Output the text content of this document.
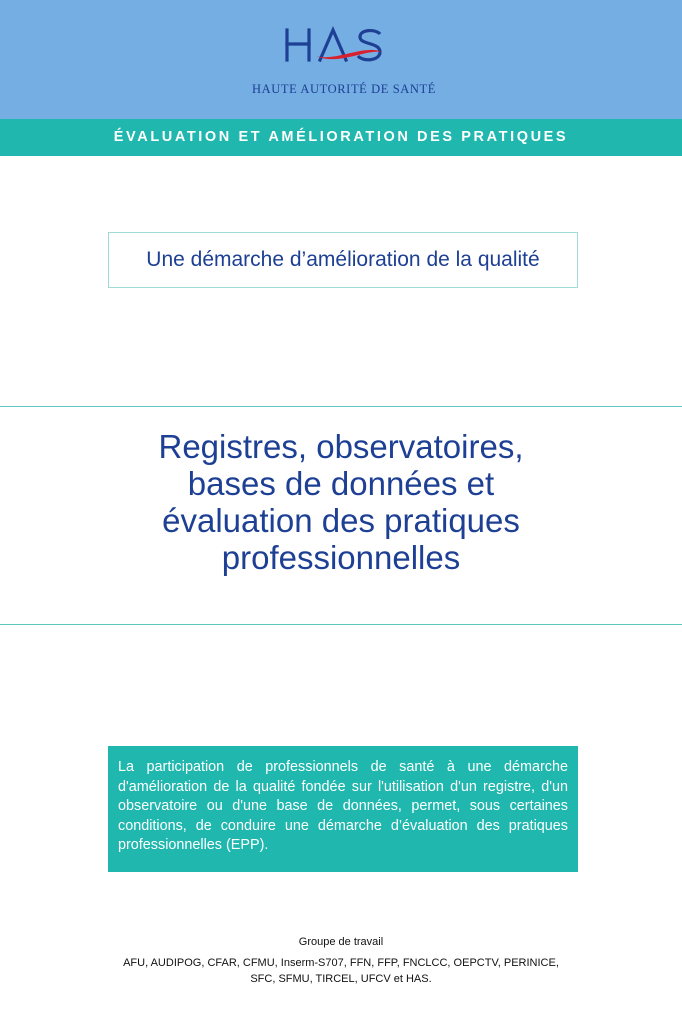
HAUTE AUTORITÉ DE SANTÉ
ÉVALUATION ET AMÉLIORATION DES PRATIQUES
Une démarche d’amélioration de la qualité
Registres, observatoires,
bases de données et
évaluation des pratiques
professionnelles
La participation de professionnels de santé à une démarche d'amélioration de la qualité fondée sur l'utilisation d'un registre, d'un observatoire ou d'une base de données, permet, sous certaines conditions, de conduire une démarche d’évaluation des pratiques professionnelles (EPP).
Groupe de travail
AFU, AUDIPOG, CFAR, CFMU, Inserm-S707, FFN, FFP, FNCLCC, OEPCTV, PERINICE, SFC, SFMU, TIRCEL, UFCV et HAS.
